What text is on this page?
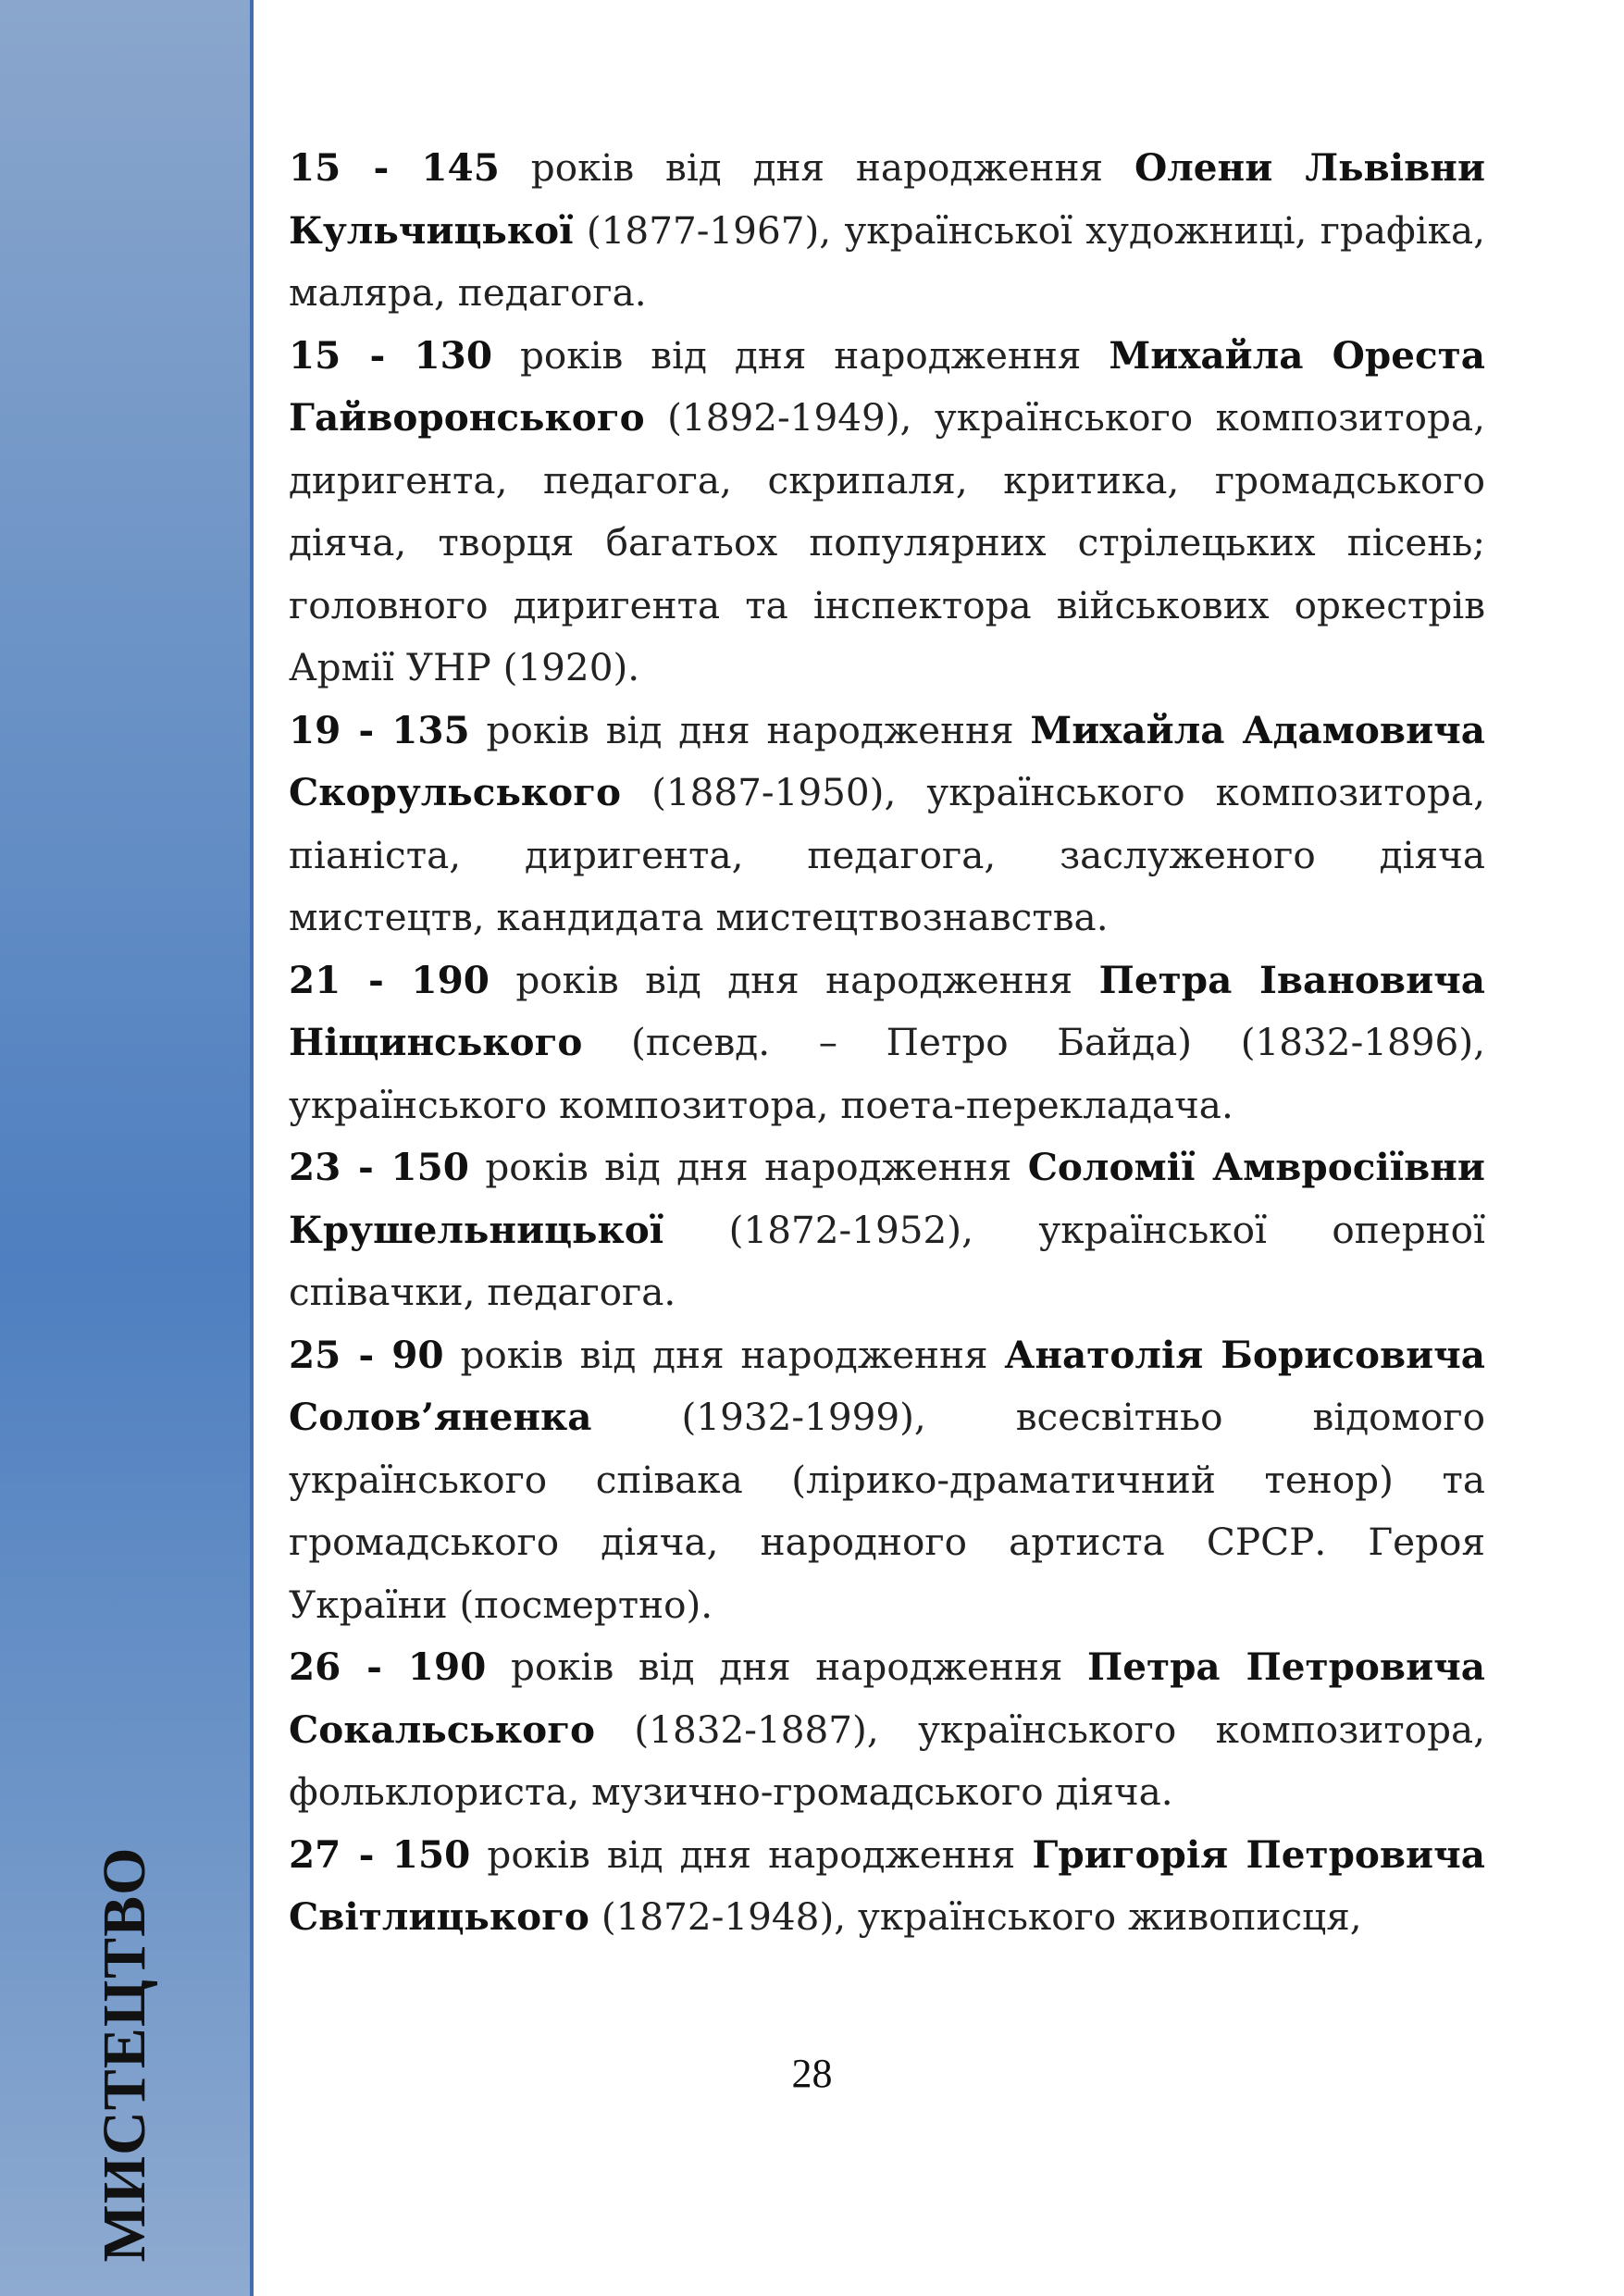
МИСТЕЦТВО

15 - 145 років від дня народження Олени Львівни Кульчицької (1877-1967), української художниці, графіка, маляра, педагога.

15 - 130 років від дня народження Михайла Ореста Гайворонського (1892-1949), українського композитора, диригента, педагога, скрипаля, критика, громадського діяча, творця багатьох популярних стрілецьких пісень; головного диригента та інспектора військових оркестрів Армії УНР (1920).

19 - 135 років від дня народження Михайла Адамовича Скорульського (1887-1950), українського композитора, піаніста, диригента, педагога, заслуженого діяча мистецтв, кандидата мистецтвознавства.

21 - 190 років від дня народження Петра Івановича Ніщинського (псевд. – Петро Байда) (1832-1896), українського композитора, поета-перекладача.

23 - 150 років від дня народження Соломії Амвросіївни Крушельницької (1872-1952), української оперної співачки, педагога.

25 - 90 років від дня народження Анатолія Борисовича Солов’яненка (1932-1999), всесвітньо відомого українського співака (лірико-драматичний тенор) та громадського діяча, народного артиста СРСР. Героя України (посмертно).

26 - 190 років від дня народження Петра Петровича Сокальського (1832-1887), українського композитора, фольклориста, музично-громадського діяча.

27 - 150 років від дня народження Григорія Петровича Світлицького (1872-1948), українського живописця,

28
